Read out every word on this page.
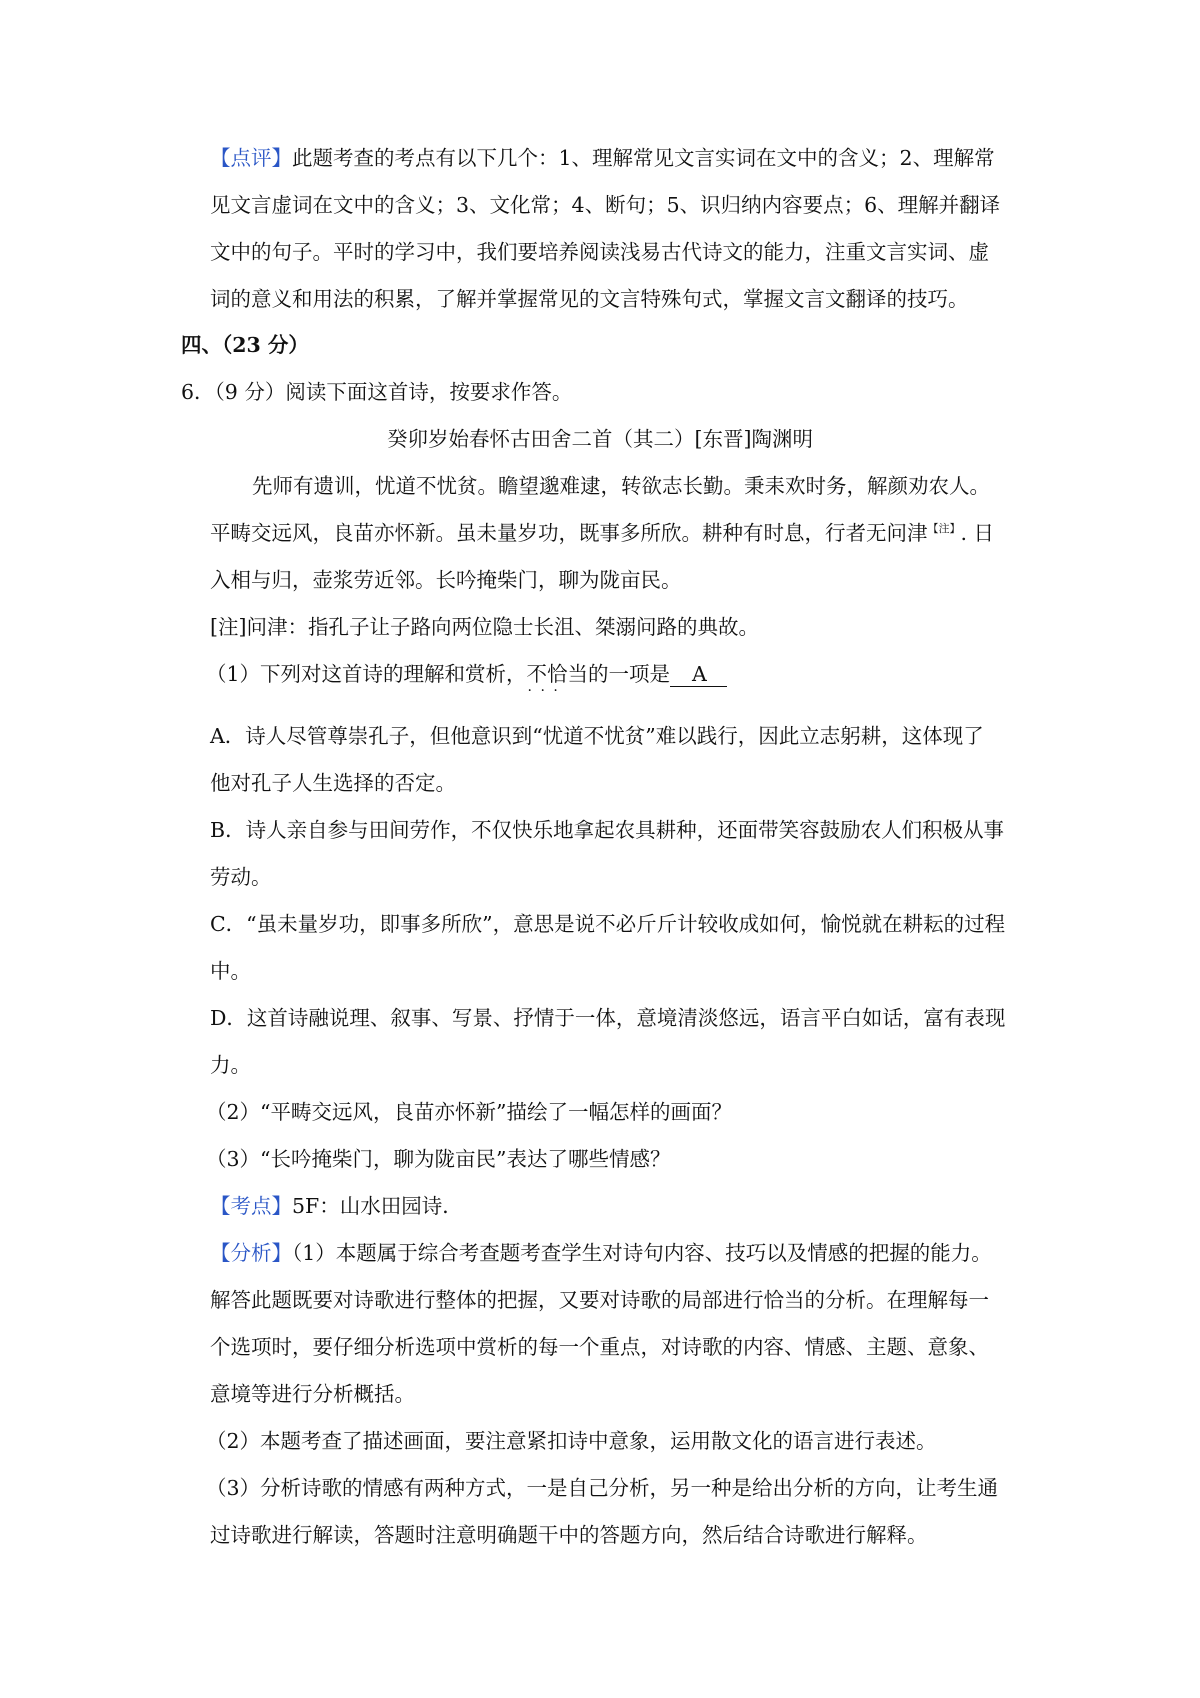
【点评】此题考查的考点有以下几个：1、理解常见文言实词在文中的含义；2、理解常
见文言虚词在文中的含义；3、文化常；4、断句；5、识归纳内容要点；6、理解并翻译
文中的句子。平时的学习中，我们要培养阅读浅易古代诗文的能力，注重文言实词、虚
词的意义和用法的积累，了解并掌握常见的文言特殊句式，掌握文言文翻译的技巧。
四、（23 分）
6．（9 分）阅读下面这首诗，按要求作答。
癸卯岁始春怀古田舍二首（其二）[东晋]陶渊明
先师有遗训，忧道不忧贫。瞻望邈难逮，转欲志长勤。秉耒欢时务，解颜劝农人。
平畴交远风，良苗亦怀新。虽未量岁功，既事多所欣。耕种有时息，行者无问津$^{【注】}$. 日
入相与归，壶浆劳近邻。长吟掩柴门，聊为陇亩民。
[注]问津：指孔子让子路向两位隐士长沮、桀溺问路的典故。
（1）下列对这首诗的理解和赏析，不恰当 · · ·的一项是 A
A．诗人尽管尊崇孔子，但他意识到“忧道不忧贫”难以践行，因此立志躬耕，这体现了
他对孔子人生选择的否定。
B．诗人亲自参与田间劳作，不仅快乐地拿起农具耕种，还面带笑容鼓励农人们积极从事
劳动。
C．“虽未量岁功，即事多所欣”，意思是说不必斤斤计较收成如何，愉悦就在耕耘的过程
中。
D．这首诗融说理、叙事、写景、抒情于一体，意境清淡悠远，语言平白如话，富有表现
力。
（2）“平畴交远风，良苗亦怀新”描绘了一幅怎样的画面？
（3）“长吟掩柴门，聊为陇亩民”表达了哪些情感？
【考点】5F：山水田园诗．
【分析】（1）本题属于综合考查题考查学生对诗句内容、技巧以及情感的把握的能力。
解答此题既要对诗歌进行整体的把握，又要对诗歌的局部进行恰当的分析。在理解每一
个选项时，要仔细分析选项中赏析的每一个重点，对诗歌的内容、情感、主题、意象、
意境等进行分析概括。
（2）本题考查了描述画面，要注意紧扣诗中意象，运用散文化的语言进行表述。
（3）分析诗歌的情感有两种方式，一是自己分析，另一种是给出分析的方向，让考生通
过诗歌进行解读，答题时注意明确题干中的答题方向，然后结合诗歌进行解释。
